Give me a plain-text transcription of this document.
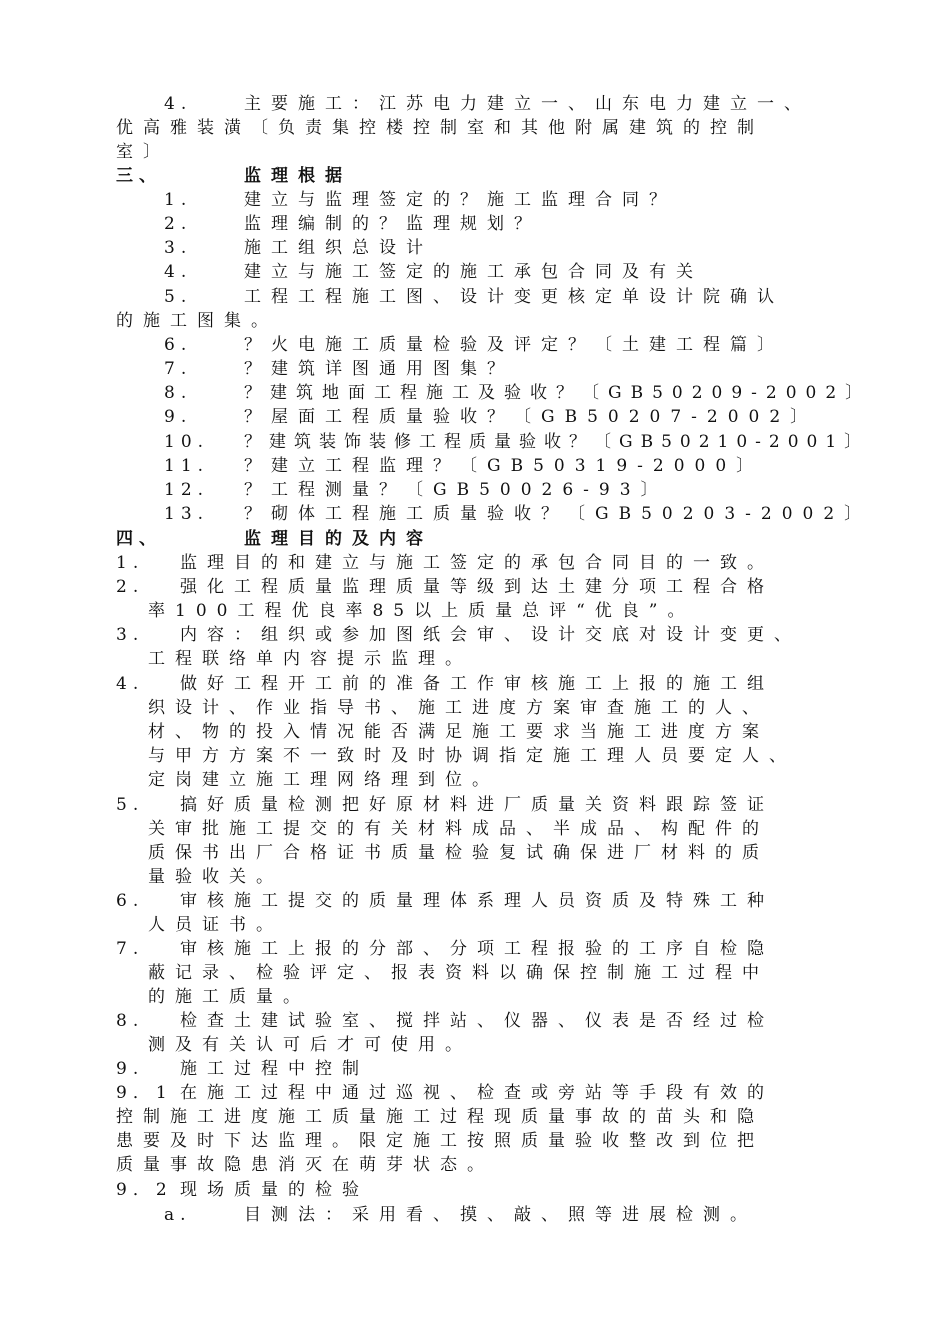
4.	主要施工：江苏电力建立一、山东电力建立一、
优高雅装潢〔负责集控楼控制室和其他附属建筑的控制
室〕
三、	监理根据
1.	建立与监理签定的？施工监理合同？
2.	监理编制的？监理规划？
3.	施工组织总设计
4.	建立与施工签定的施工承包合同及有关
5.	工程工程施工图、设计变更核定单设计院确认
的施工图集。
6.	？火电施工质量检验及评定？〔土建工程篇〕
7.	？建筑详图通用图集？
8.	？建筑地面工程施工及验收？〔GB50209-2002〕
9.	？屋面工程质量验收？〔GB50207-2002〕
10. ？建筑装饰装修工程质量验收？〔GB50210-2001〕
11. ？建立工程监理？〔GB50319-2000〕
12. ？工程测量？〔GB50026-93〕
13. ？砌体工程施工质量验收？〔GB50203-2002〕
四、	监理目的及内容
1. 监理目的和建立与施工签定的承包合同目的一致。
2. 强化工程质量监理质量等级到达土建分项工程合格
率100工程优良率85以上质量总评“优良”。
3. 内容：组织或参加图纸会审、设计交底对设计变更、
工程联络单内容提示监理。
4. 做好工程开工前的准备工作审核施工上报的施工组
织设计、作业指导书、施工进度方案审查施工的人、
材、物的投入情况能否满足施工要求当施工进度方案
与甲方方案不一致时及时协调指定施工理人员要定人、
定岗建立施工理网络理到位。
5. 搞好质量检测把好原材料进厂质量关资料跟踪签证
关审批施工提交的有关材料成品、半成品、构配件的
质保书出厂合格证书质量检验复试确保进厂材料的质
量验收关。
6. 审核施工提交的质量理体系理人员资质及特殊工种
人员证书。
7. 审核施工上报的分部、分项工程报验的工序自检隐
蔽记录、检验评定、报表资料以确保控制施工过程中
的施工质量。
8. 检查土建试验室、搅拌站、仪器、仪表是否经过检
测及有关认可后才可使用。
9. 施工过程中控制
9．1 在施工过程中通过巡视、检查或旁站等手段有效的
控制施工进度施工质量施工过程现质量事故的苗头和隐
患要及时下达监理。限定施工按照质量验收整改到位把
质量事故隐患消灭在萌芽状态。
9．2 现场质量的检验
a.	目测法：采用看、摸、敲、照等进展检测。
